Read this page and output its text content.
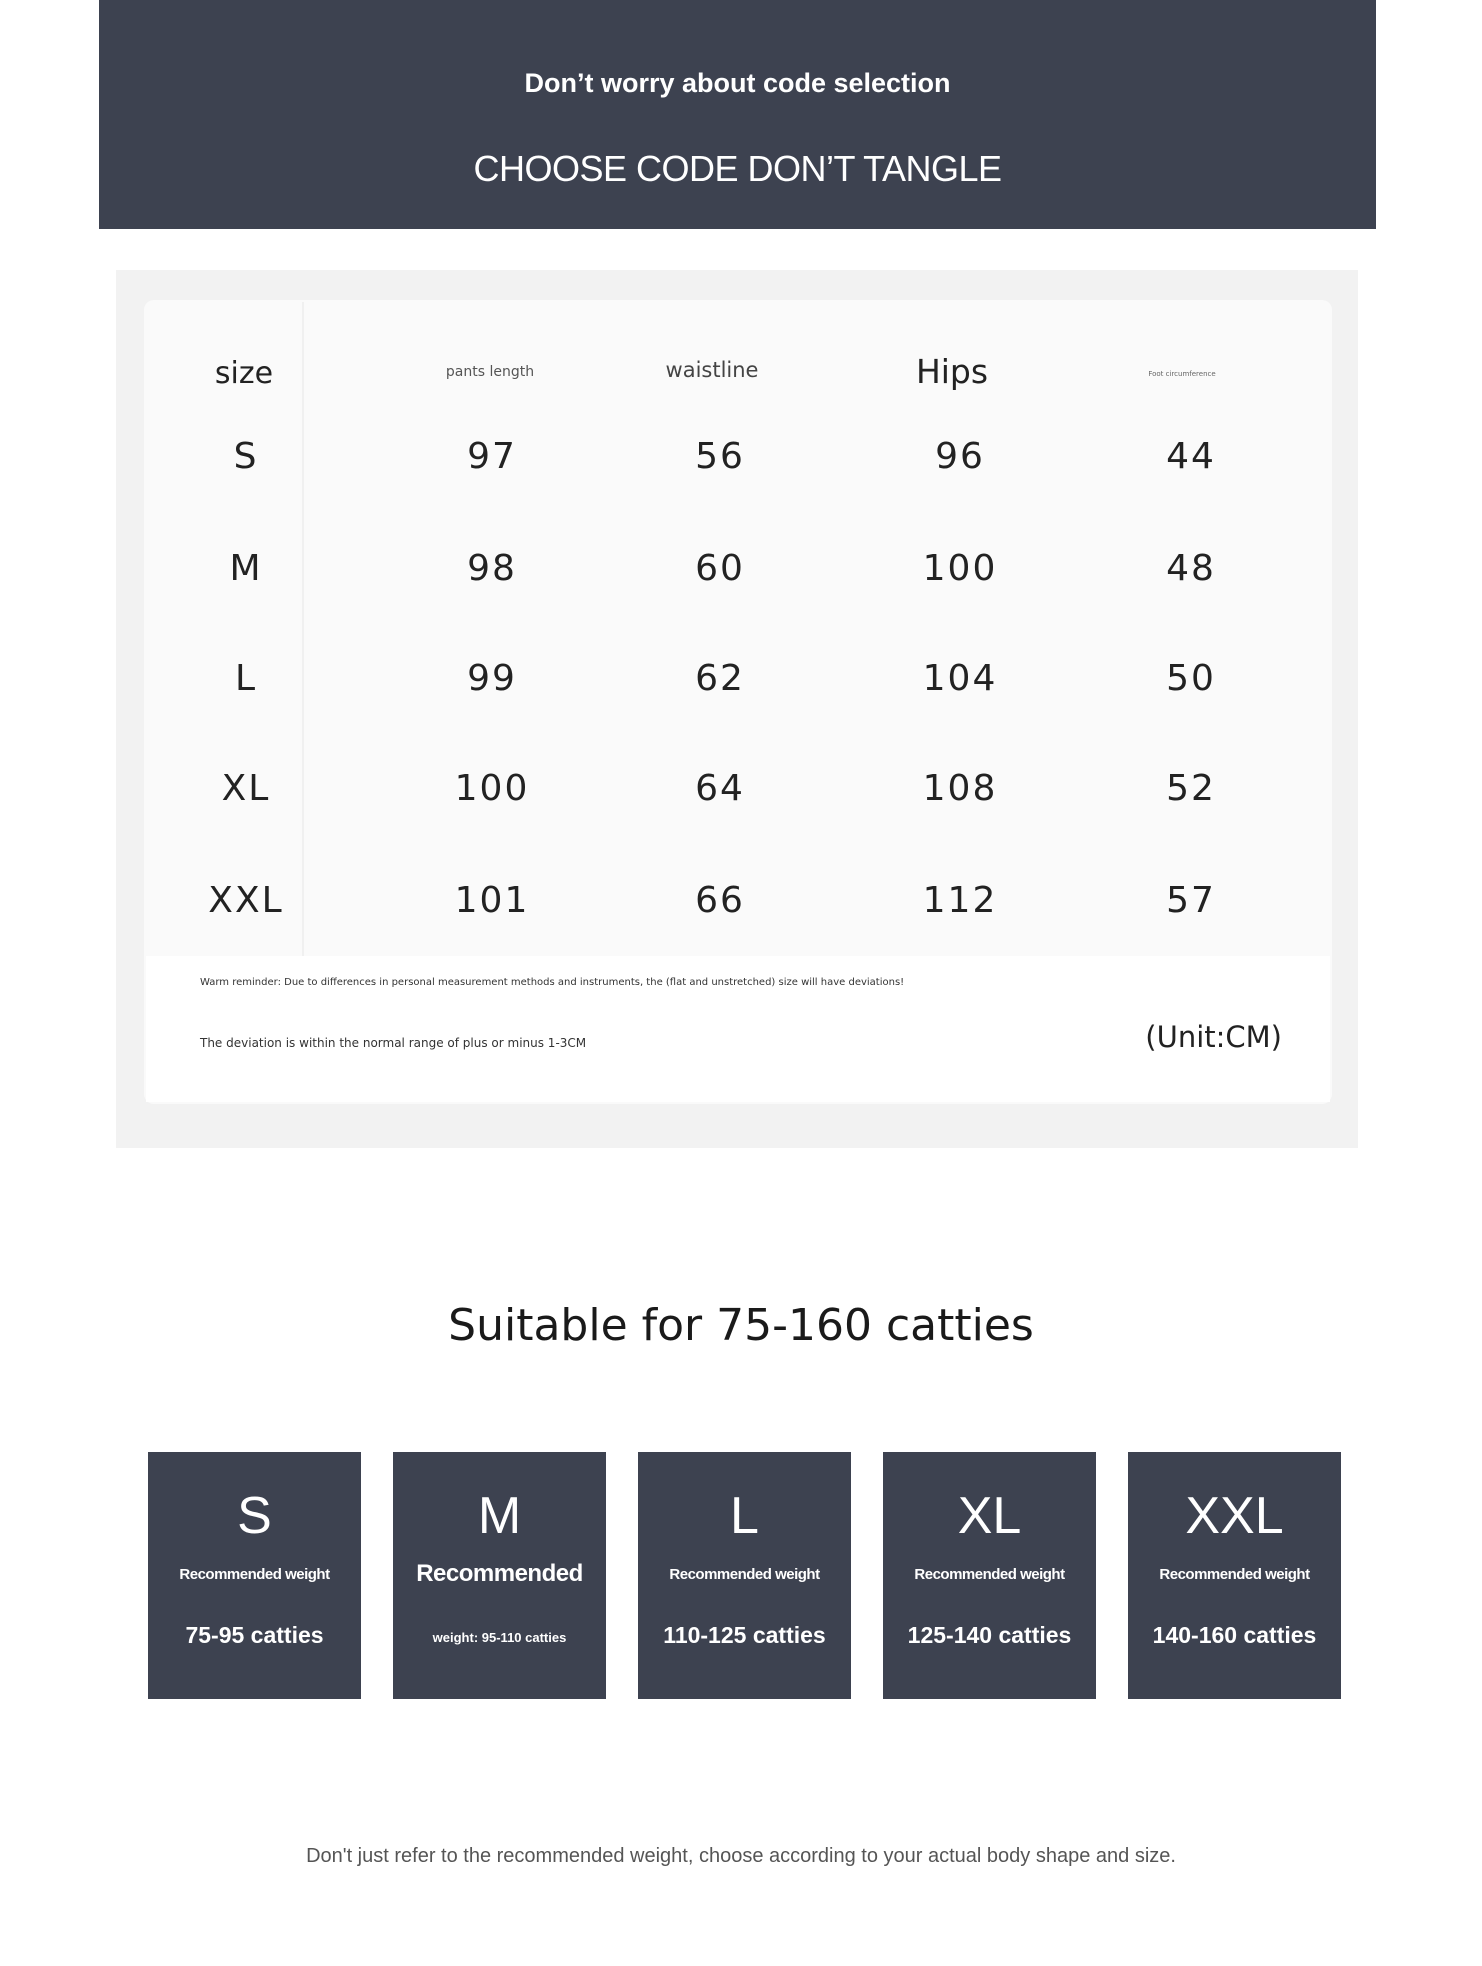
Don’t worry about code selection
CHOOSE CODE DON’T TANGLE
size	pants length	waistline	Hips	Foot circumference
S	97	56	96	44
M	98	60	100	48
L	99	62	104	50
XL	100	64	108	52
XXL	101	66	112	57
Warm reminder: Due to differences in personal measurement methods and instruments, the (flat and unstretched) size will have deviations!
The deviation is within the normal range of plus or minus 1-3CM	(Unit:CM)
Suitable for 75-160 catties
S
Recommended weight
75-95 catties
M
Recommended
weight: 95-110 catties
L
Recommended weight
110-125 catties
XL
Recommended weight
125-140 catties
XXL
Recommended weight
140-160 catties
Don't just refer to the recommended weight, choose according to your actual body shape and size.
